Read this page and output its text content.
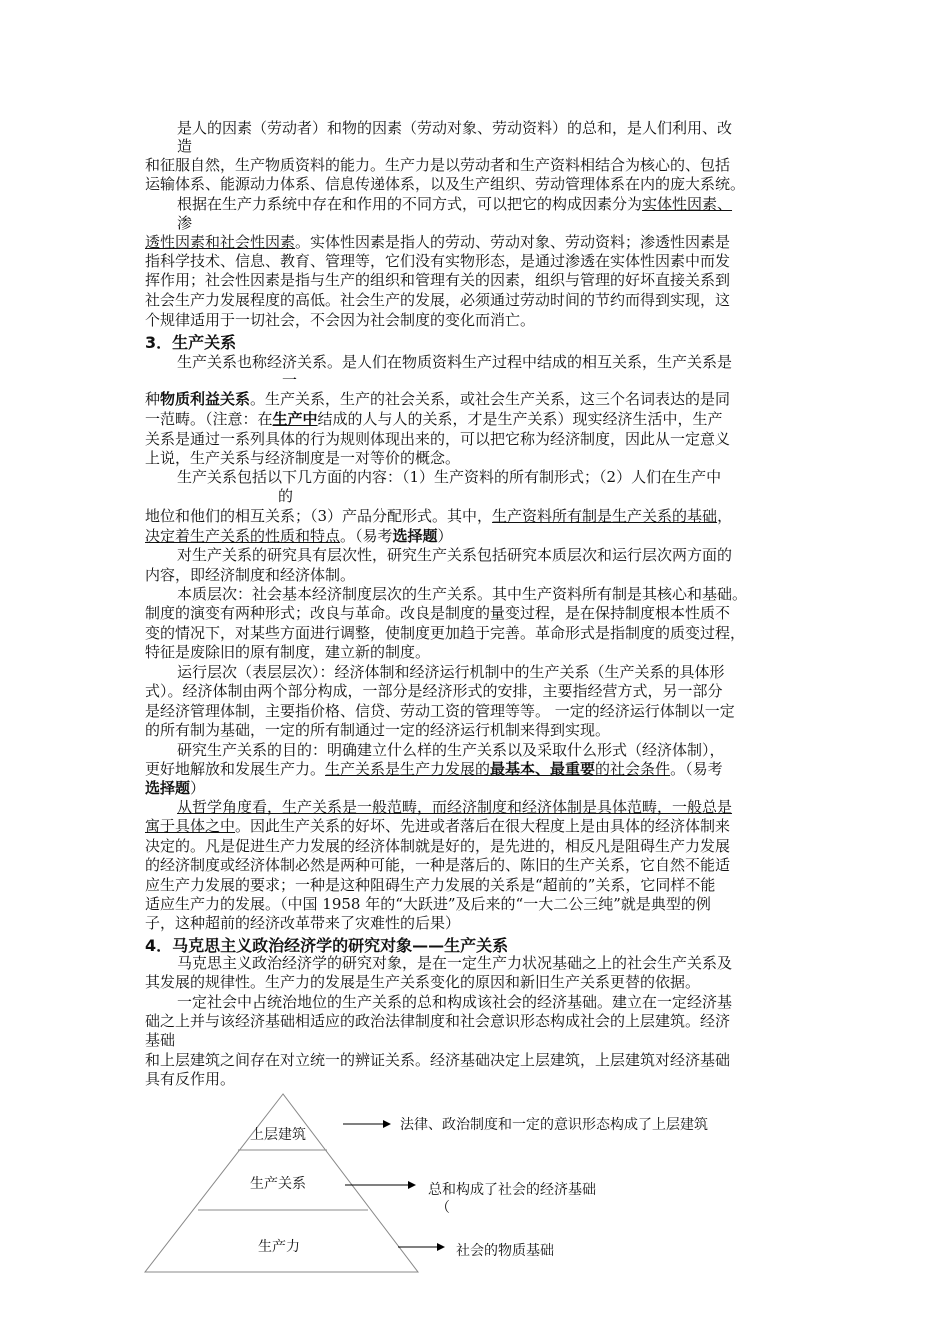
是人的因素（劳动者）和物的因素（劳动对象、劳动资料）的总和，是人们利用、改
造
和征服自然，生产物质资料的能力。生产力是以劳动者和生产资料相结合为核心的、包括
运输体系、能源动力体系、信息传递体系，以及生产组织、劳动管理体系在内的庞大系统。
根据在生产力系统中存在和作用的不同方式，可以把它的构成因素分为实体性因素、
渗
透性因素和社会性因素。实体性因素是指人的劳动、劳动对象、劳动资料；渗透性因素是
指科学技术、信息、教育、管理等，它们没有实物形态，是通过渗透在实体性因素中而发
挥作用；社会性因素是指与生产的组织和管理有关的因素，组织与管理的好坏直接关系到
社会生产力发展程度的高低。社会生产的发展，必须通过劳动时间的节约而得到实现，这
个规律适用于一切社会，不会因为社会制度的变化而消亡。
3．生产关系
生产关系也称经济关系。是人们在物质资料生产过程中结成的相互关系，生产关系是
一
种物质利益关系。生产关系，生产的社会关系，或社会生产关系，这三个名词表达的是同
一范畴。（注意：在生产中结成的人与人的关系，才是生产关系）现实经济生活中，生产
关系是通过一系列具体的行为规则体现出来的，可以把它称为经济制度，因此从一定意义
上说，生产关系与经济制度是一对等价的概念。
生产关系包括以下几方面的内容：（1）生产资料的所有制形式；（2）人们在生产中
的
地位和他们的相互关系；（3）产品分配形式。其中，生产资料所有制是生产关系的基础，
决定着生产关系的性质和特点。（易考选择题）
对生产关系的研究具有层次性，研究生产关系包括研究本质层次和运行层次两方面的
内容，即经济制度和经济体制。
本质层次：社会基本经济制度层次的生产关系。其中生产资料所有制是其核心和基础。
制度的演变有两种形式；改良与革命。改良是制度的量变过程，是在保持制度根本性质不
变的情况下，对某些方面进行调整，使制度更加趋于完善。革命形式是指制度的质变过程，
特征是废除旧的原有制度，建立新的制度。
运行层次（表层层次）：经济体制和经济运行机制中的生产关系（生产关系的具体形
式）。经济体制由两个部分构成，一部分是经济形式的安排，主要指经营方式，另一部分
是经济管理体制，主要指价格、信贷、劳动工资的管理等等。 一定的经济运行体制以一定
的所有制为基础，一定的所有制通过一定的经济运行机制来得到实现。
研究生产关系的目的：明确建立什么样的生产关系以及采取什么形式（经济体制），
更好地解放和发展生产力。生产关系是生产力发展的最基本、最重要的社会条件。（易考
选择题）
从哲学角度看，生产关系是一般范畴，而经济制度和经济体制是具体范畴，一般总是
寓于具体之中。因此生产关系的好坏、先进或者落后在很大程度上是由具体的经济体制来
决定的。凡是促进生产力发展的经济体制就是好的，是先进的，相反凡是阻碍生产力发展
的经济制度或经济体制必然是两种可能，一种是落后的、陈旧的生产关系，它自然不能适
应生产力发展的要求；一种是这种阻碍生产力发展的关系是“超前的”关系，它同样不能
适应生产力的发展。（中国 1958 年的“大跃进”及后来的“一大二公三纯”就是典型的例
子，这种超前的经济改革带来了灾难性的后果）
4．马克思主义政治经济学的研究对象——生产关系
马克思主义政治经济学的研究对象，是在一定生产力状况基础之上的社会生产关系及
其发展的规律性。生产力的发展是生产关系变化的原因和新旧生产关系更替的依据。
一定社会中占统治地位的生产关系的总和构成该社会的经济基础。建立在一定经济基
础之上并与该经济基础相适应的政治法律制度和社会意识形态构成社会的上层建筑。经济
基础
和上层建筑之间存在对立统一的辨证关系。经济基础决定上层建筑，上层建筑对经济基础
具有反作用。
上层建筑
生产关系
生产力
法律、政治制度和一定的意识形态构成了上层建筑
总和构成了社会的经济基础
（
社会的物质基础
